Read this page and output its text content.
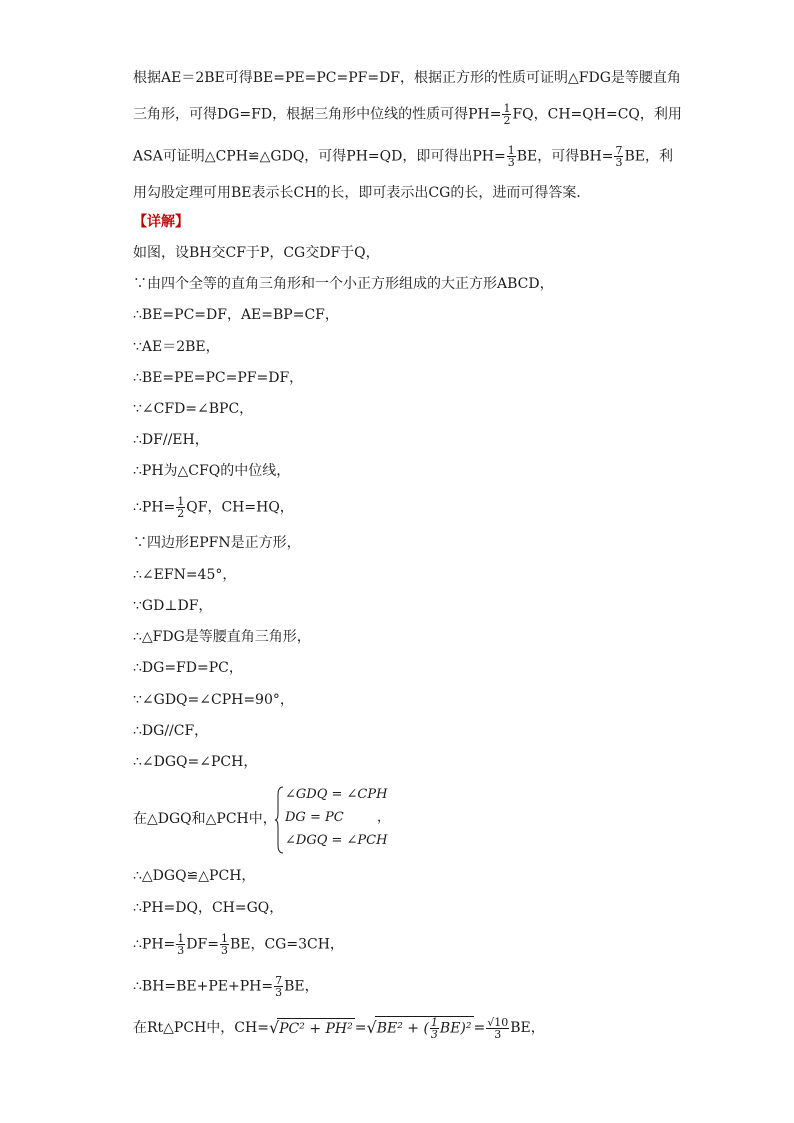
根据AE＝2BE可得BE=PE=PC=PF=DF，根据正方形的性质可证明△FDG是等腰直角
三角形，可得DG=FD，根据三角形中位线的性质可得$PH= \frac{1}{2}$ FQ，CH=QH=CQ，利用
ASA可证明△CPH≌△GDQ，可得PH=QD，即可得出$PH= \frac{1}{3}$ BE，可得$BH= \frac{7}{3}$ BE，利
用勾股定理可用BE表示长CH的长，即可表示出CG的长，进而可得答案．
【详解】
如图，设BH交CF于P，CG交DF于Q，
∵由四个全等的直角三角形和一个小正方形组成的大正方形ABCD，
∴BE=PC=DF，AE=BP=CF，
∵AE＝2BE，
∴BE=PE=PC=PF=DF，
∵∠CFD=∠BPC，
∴DF//EH，
∴PH为△CFQ的中位线，
∴PH= $\frac{1}{2}$ QF，CH=HQ，
∵四边形EPFN是正方形，
∴∠EFN=45°，
∵GD⊥DF，
∴△FDG是等腰直角三角形，
∴DG=FD=PC，
∵∠GDQ=∠CPH=90°，
∴DG//CF，
∴∠DGQ=∠PCH，
在△DGQ和△PCH中，
∠GDQ = ∠CPH
DG = PC
∠DGQ = ∠PCH
，
∴△DGQ≌△PCH，
∴PH=DQ，CH=GQ，
∴PH= $\frac{1}{3} DF= \frac{1}{3}$ BE，CG=3CH，
∴BH=BE+PE+PH= $\frac{7}{3}$ BE，
在Rt△PCH中，CH=√PC² + PH² =√BE² + ( $\frac{1}{3} BE)^2 = \frac{√10}{3}$ BE，
